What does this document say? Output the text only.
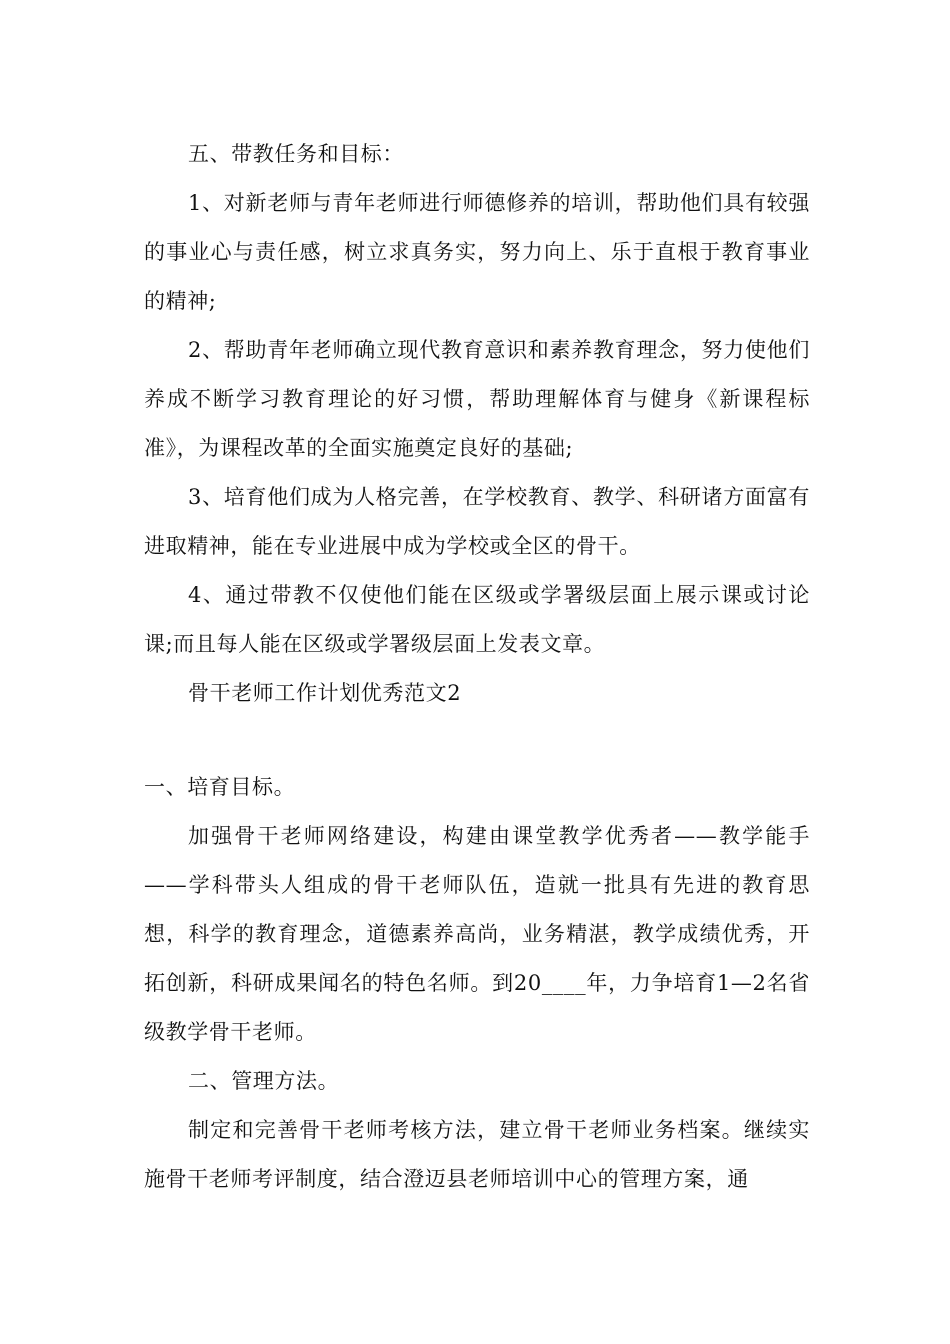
五、带教任务和目标：

1、对新老师与青年老师进行师德修养的培训，帮助他们具有较强的事业心与责任感，树立求真务实，努力向上、乐于直根于教育事业的精神;

2、帮助青年老师确立现代教育意识和素养教育理念，努力使他们养成不断学习教育理论的好习惯，帮助理解体育与健身《新课程标准》，为课程改革的全面实施奠定良好的基础;

3、培育他们成为人格完善，在学校教育、教学、科研诸方面富有进取精神，能在专业进展中成为学校或全区的骨干。

4、通过带教不仅使他们能在区级或学署级层面上展示课或讨论课;而且每人能在区级或学署级层面上发表文章。

骨干老师工作计划优秀范文2

一、培育目标。

加强骨干老师网络建设，构建由课堂教学优秀者——教学能手——学科带头人组成的骨干老师队伍，造就一批具有先进的教育思想，科学的教育理念，道德素养高尚，业务精湛，教学成绩优秀，开拓创新，科研成果闻名的特色名师。到20____年，力争培育1—2名省级教学骨干老师。

二、管理方法。

制定和完善骨干老师考核方法，建立骨干老师业务档案。继续实施骨干老师考评制度，结合澄迈县老师培训中心的管理方案，通
